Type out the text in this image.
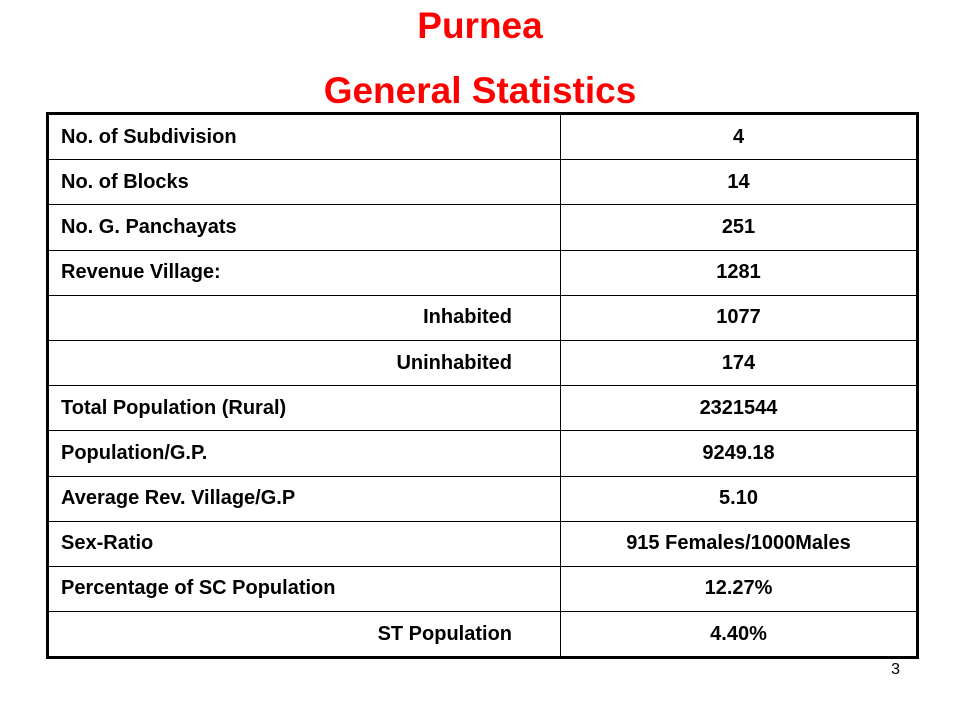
Purnea
General Statistics
No. of Subdivision	4
No. of Blocks	14
No. G. Panchayats	251
Revenue Village:	1281
Inhabited	1077
Uninhabited	174
Total Population (Rural)	2321544
Population/G.P.	9249.18
Average Rev. Village/G.P	5.10
Sex-Ratio	915 Females/1000Males
Percentage of SC Population	12.27%
ST Population	4.40%
3
